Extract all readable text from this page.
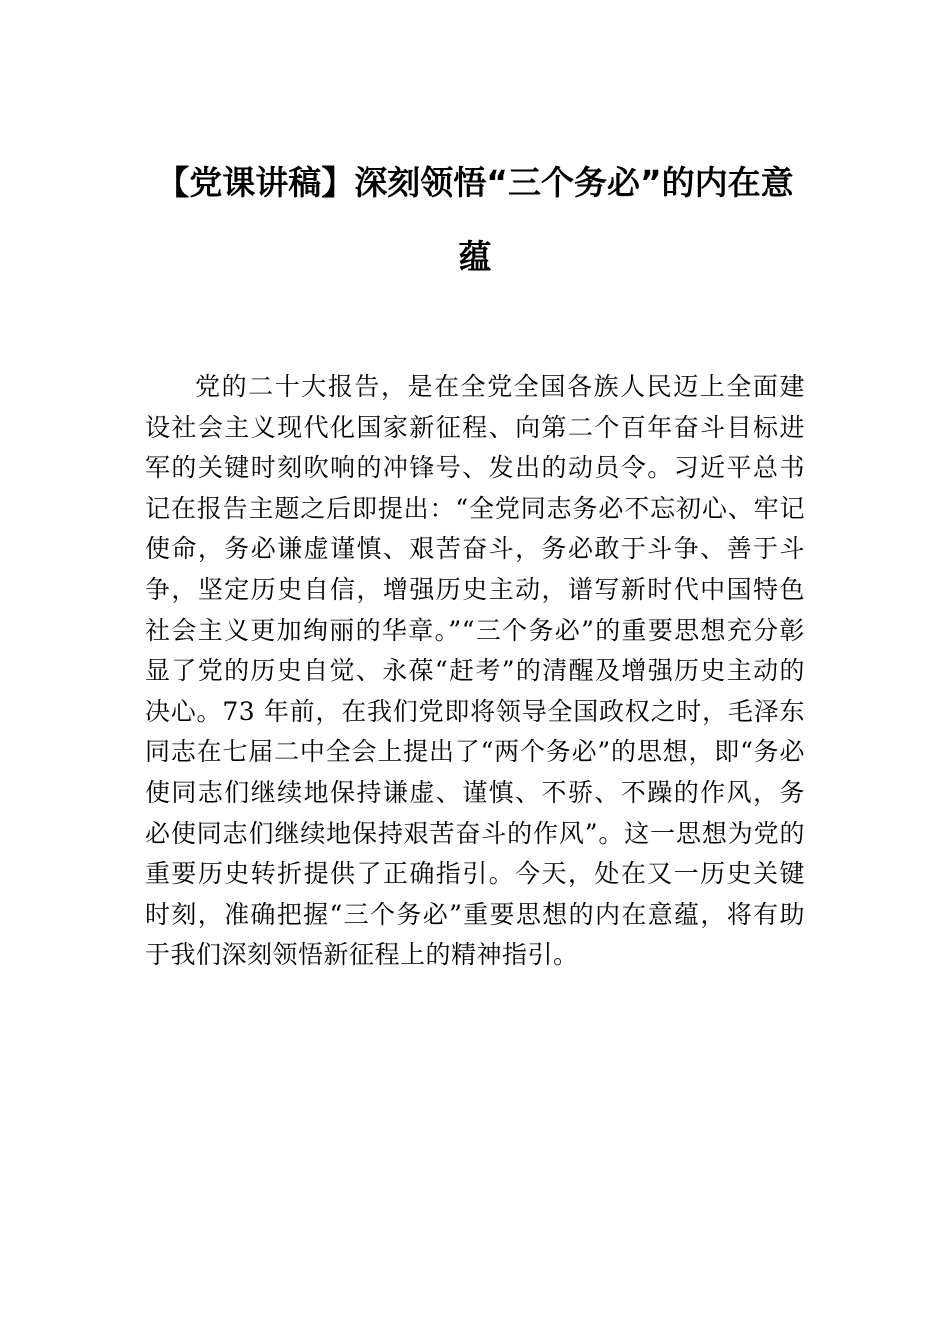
【党课讲稿】深刻领悟“三个务必”的内在意蕴

党的二十大报告，是在全党全国各族人民迈上全面建设社会主义现代化国家新征程、向第二个百年奋斗目标进军的关键时刻吹响的冲锋号、发出的动员令。习近平总书记在报告主题之后即提出：“全党同志务必不忘初心、牢记使命，务必谦虚谨慎、艰苦奋斗，务必敢于斗争、善于斗争，坚定历史自信，增强历史主动，谱写新时代中国特色社会主义更加绚丽的华章。”“三个务必”的重要思想充分彰显了党的历史自觉、永葆“赶考”的清醒及增强历史主动的决心。73 年前，在我们党即将领导全国政权之时，毛泽东同志在七届二中全会上提出了“两个务必”的思想，即“务必使同志们继续地保持谦虚、谨慎、不骄、不躁的作风，务必使同志们继续地保持艰苦奋斗的作风”。这一思想为党的重要历史转折提供了正确指引。今天，处在又一历史关键时刻，准确把握“三个务必”重要思想的内在意蕴，将有助于我们深刻领悟新征程上的精神指引。
